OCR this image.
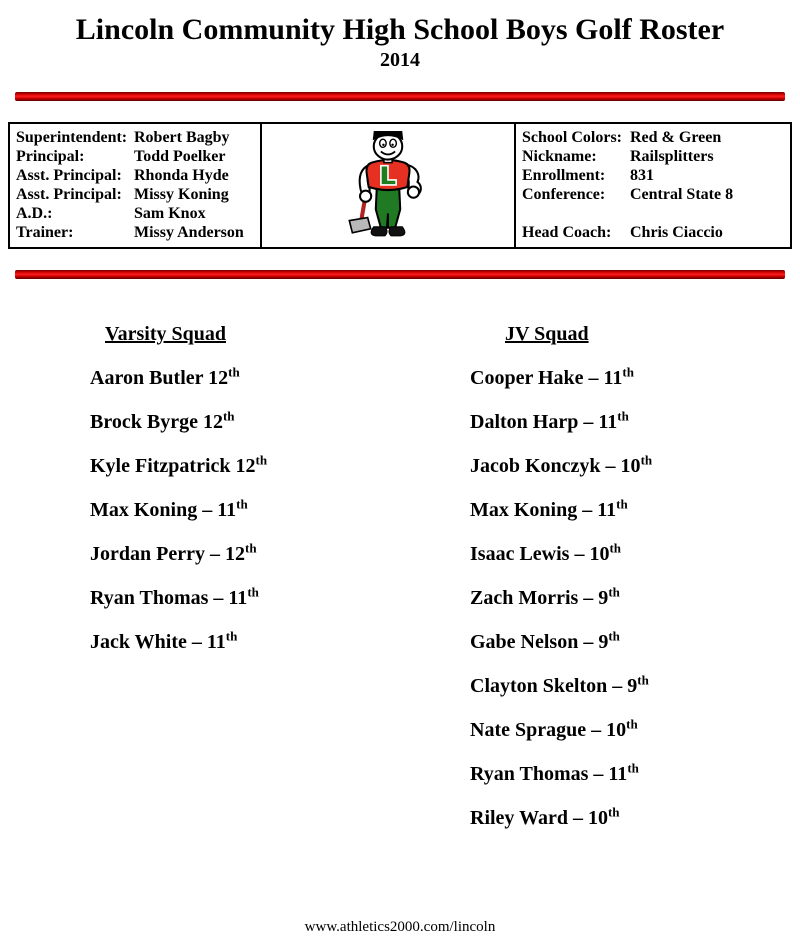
Lincoln Community High School Boys Golf Roster
2014
Superintendent: Robert Bagby
Principal:	Todd Poelker
Asst. Principal: Rhonda Hyde
Asst. Principal: Missy Koning
A.D.:	Sam Knox
Trainer:	Missy Anderson
School Colors: Red & Green
Nickname: Railsplitters
Enrollment: 831
Conference: Central State 8
Head Coach: Chris Ciaccio
Varsity Squad
Aaron Butler 12th
Brock Byrge 12th
Kyle Fitzpatrick 12th
Max Koning – 11th
Jordan Perry – 12th
Ryan Thomas – 11th
Jack White – 11th
JV Squad
Cooper Hake – 11th
Dalton Harp – 11th
Jacob Konczyk – 10th
Max Koning – 11th
Isaac Lewis – 10th
Zach Morris – 9th
Gabe Nelson – 9th
Clayton Skelton – 9th
Nate Sprague – 10th
Ryan Thomas – 11th
Riley Ward – 10th
www.athletics2000.com/lincoln
